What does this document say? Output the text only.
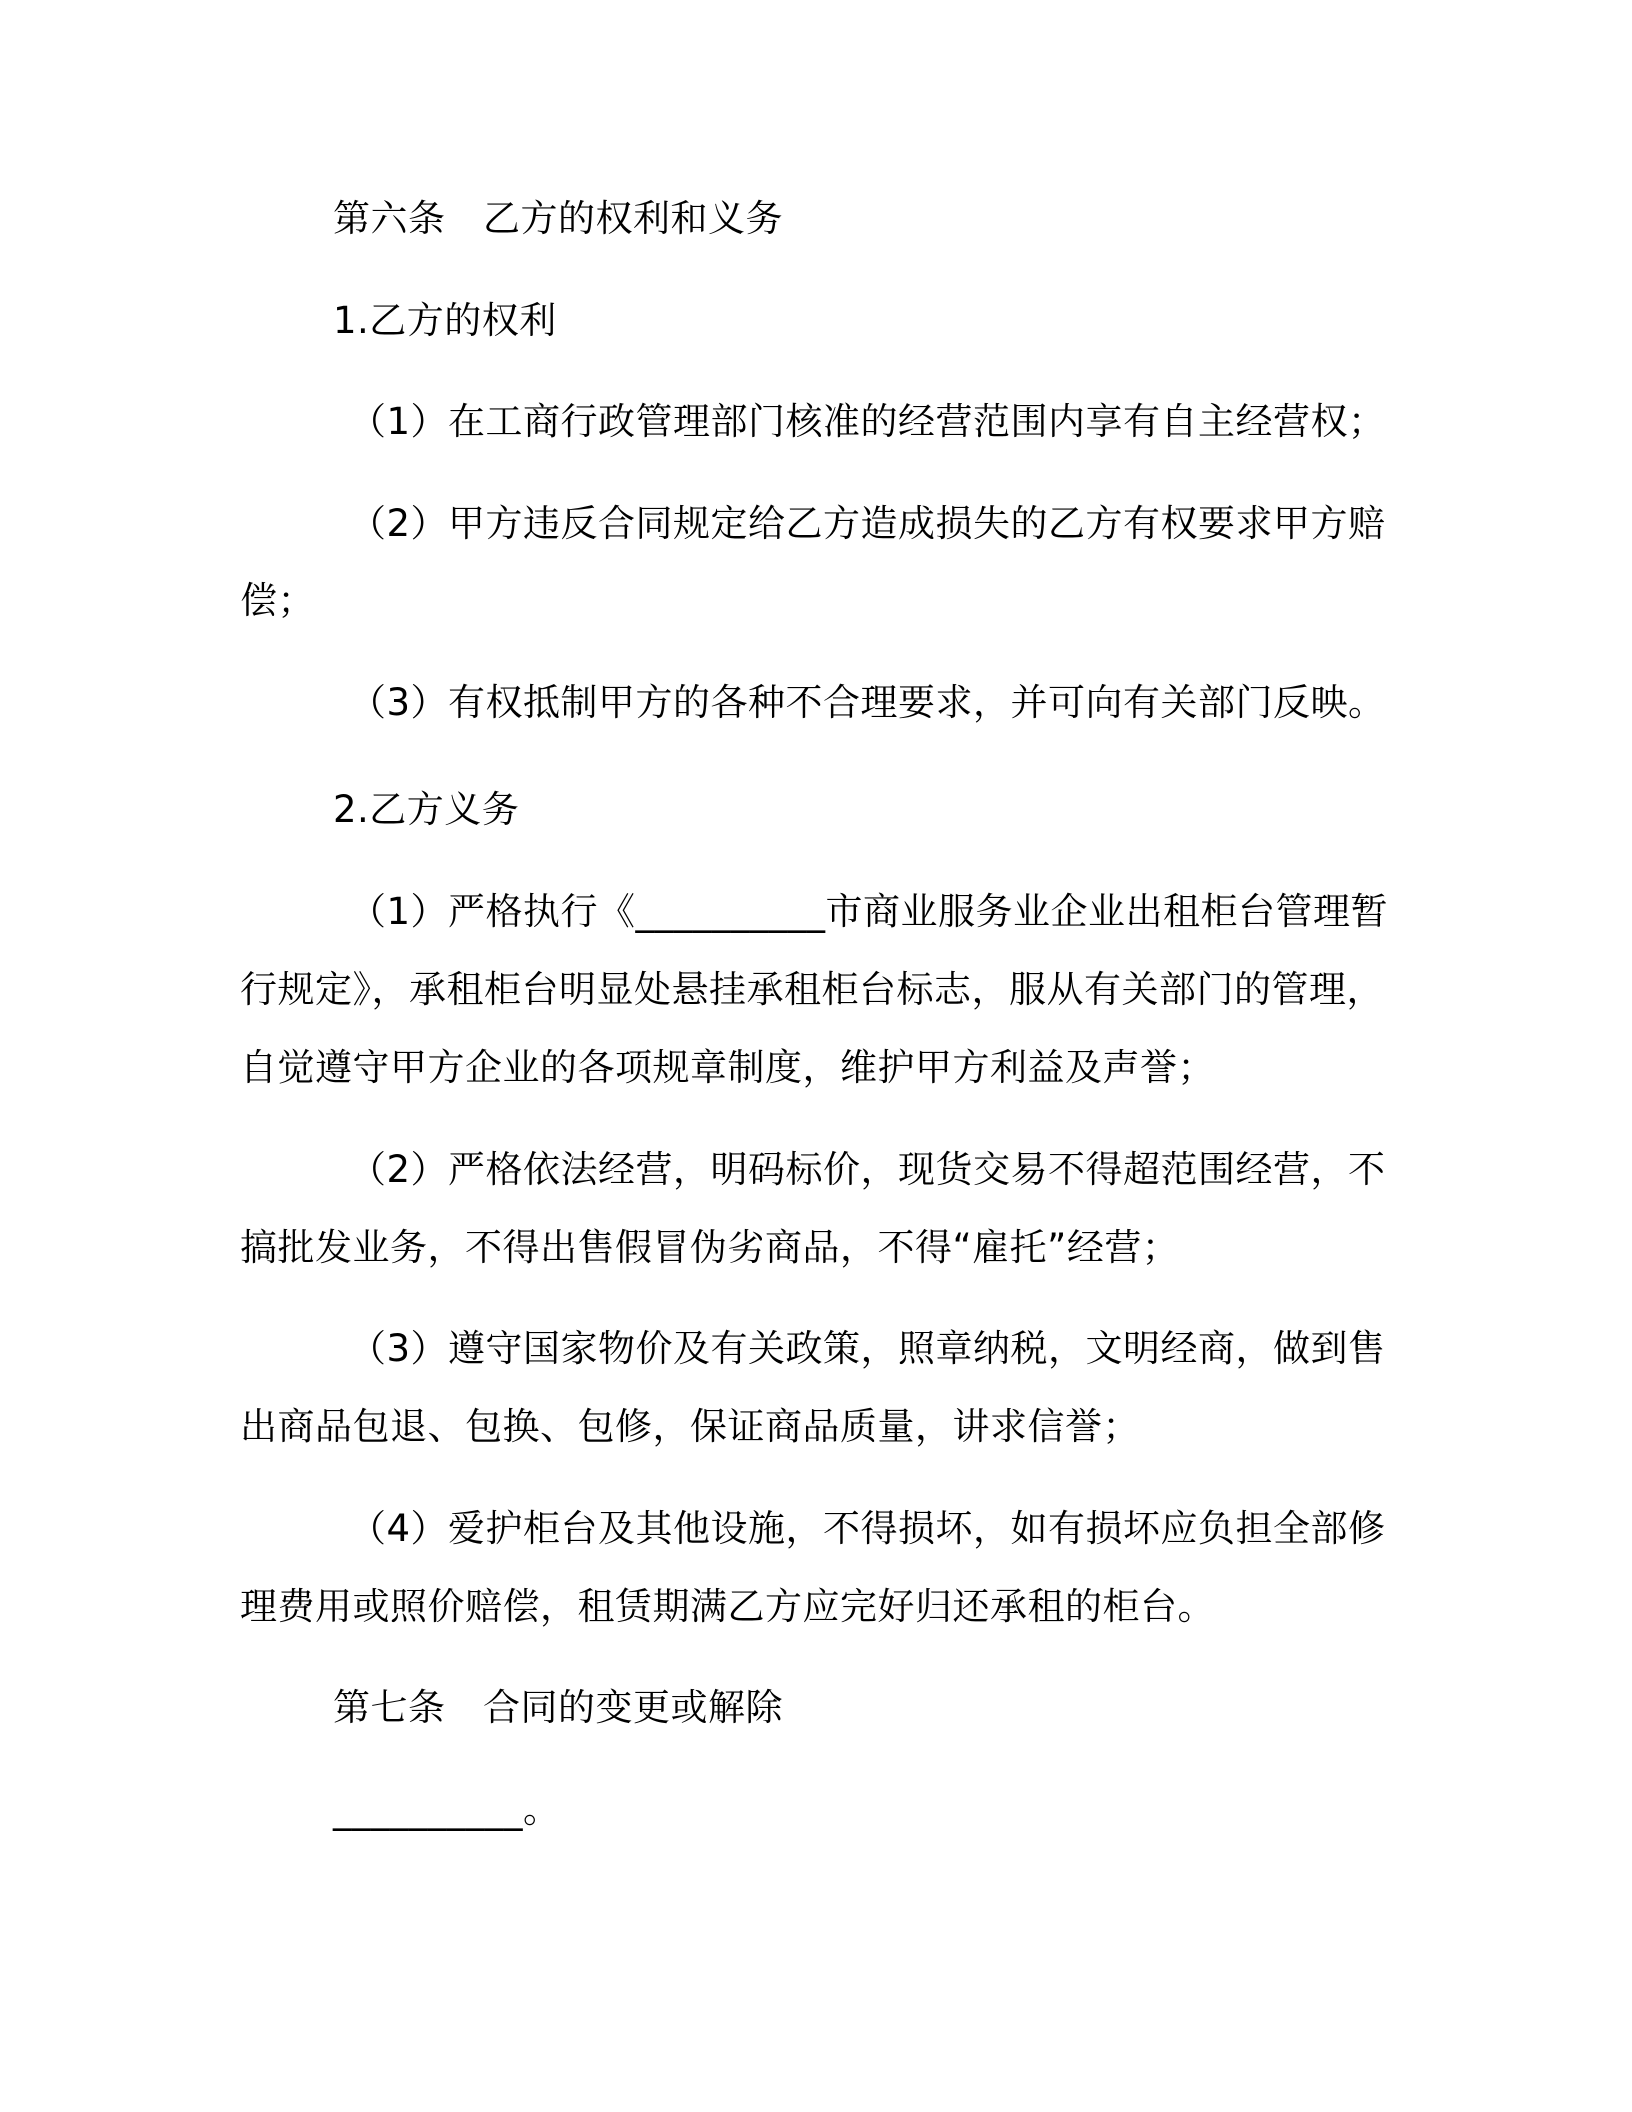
第六条　乙方的权利和义务
1.乙方的权利
（1）在工商行政管理部门核准的经营范围内享有自主经营权；
（2）甲方违反合同规定给乙方造成损失的乙方有权要求甲方赔
偿；
（3）有权抵制甲方的各种不合理要求，并可向有关部门反映。
2.乙方义务
（1）严格执行《__________市商业服务业企业出租柜台管理暂
行规定》，承租柜台明显处悬挂承租柜台标志，服从有关部门的管理，
自觉遵守甲方企业的各项规章制度，维护甲方利益及声誉；
（2）严格依法经营，明码标价，现货交易不得超范围经营，不
搞批发业务，不得出售假冒伪劣商品，不得“雇托”经营；
（3）遵守国家物价及有关政策，照章纳税，文明经商，做到售
出商品包退、包换、包修，保证商品质量，讲求信誉；
（4）爱护柜台及其他设施，不得损坏，如有损坏应负担全部修
理费用或照价赔偿，租赁期满乙方应完好归还承租的柜台。
第七条　合同的变更或解除
__________。
